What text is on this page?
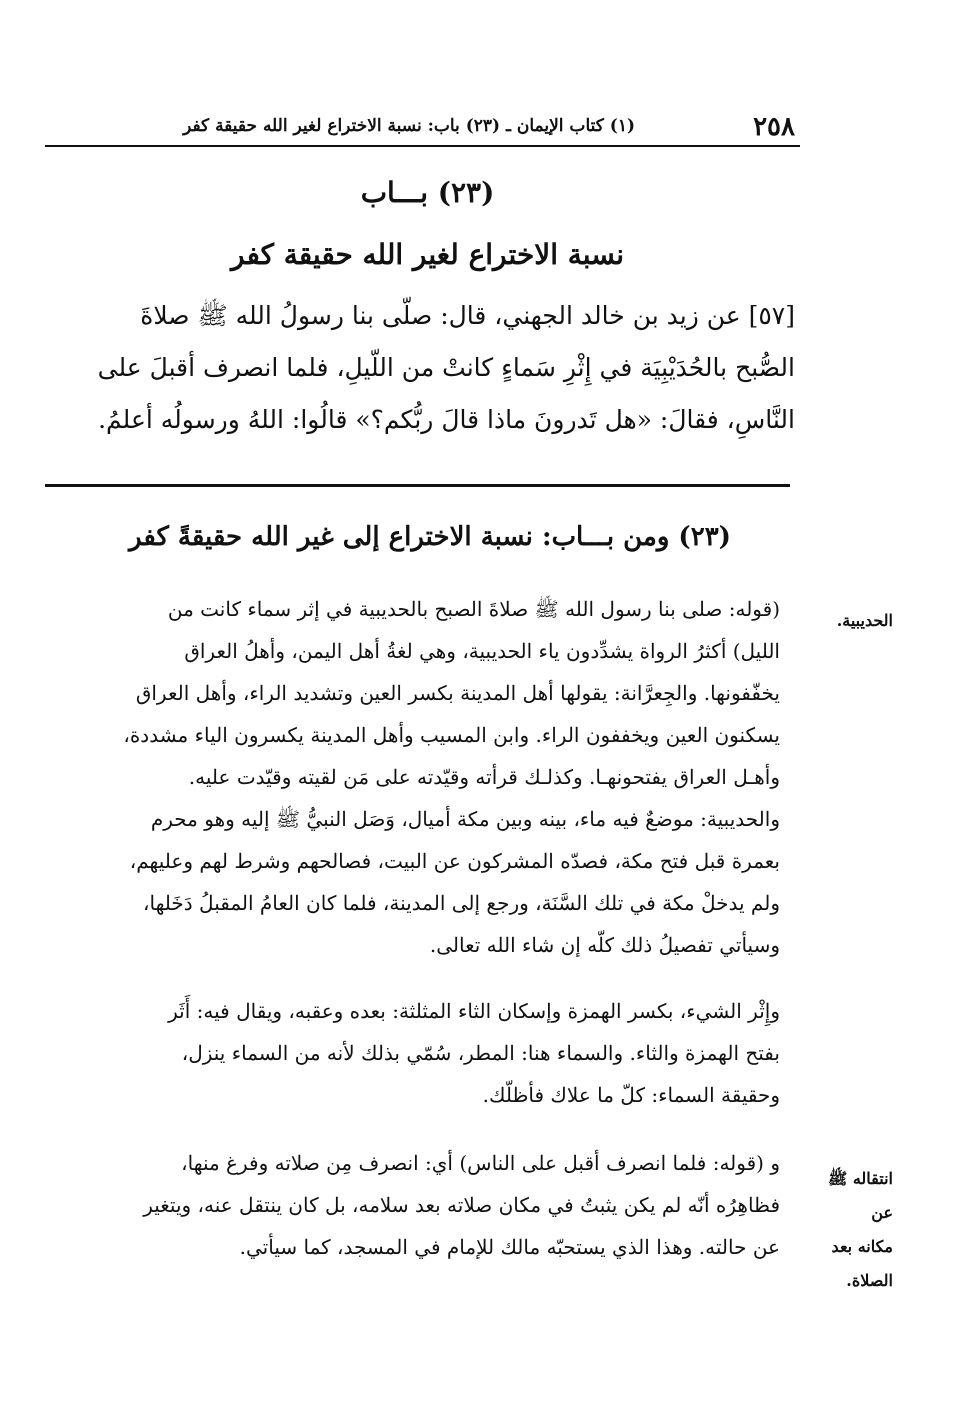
٢٥٨
(١) كتاب الإيمان ـ (٢٣) باب: نسبة الاختراع لغير الله حقيقة كفر
(٢٣) بـــاب
نسبة الاختراع لغير الله حقيقة كفر

[٥٧] عن زيد بن خالد الجهني، قال: صلّى بنا رسولُ الله ﷺ صلاةَ

الصُّبح بالحُدَيْبِيَة في إِثْرِ سَماءٍ كانتْ من اللّيلِ، فلما انصرف أقبلَ على

النَّاسِ، فقالَ: «هل تَدرونَ ماذا قالَ ربُّكم؟» قالُوا: اللهُ ورسولُه أعلمُ.

(٢٣) ومن بـــاب: نسبة الاختراع إلى غير الله حقيقةً كفر

(قوله: صلى بنا رسول الله ﷺ صلاةَ الصبح بالحديبية في إثر سماء كانت من

الليل) أكثرُ الرواة يشدِّدون ياء الحديبية، وهي لغةُ أهل اليمن، وأهلُ العراق

يخفّفونها. والجِعرَّانة: يقولها أهل المدينة بكسر العين وتشديد الراء، وأهل العراق

يسكنون العين ويخففون الراء. وابن المسيب وأهل المدينة يكسرون الياء مشددة،

وأهـل العراق يفتحونهـا. وكذلـك قرأته وقيّدته على مَن لقيته وقيّدت عليه.

والحديبية: موضعٌ فيه ماء، بينه وبين مكة أميال، وَصَل النبيُّ ﷺ إليه وهو محرم

بعمرة قبل فتح مكة، فصدّه المشركون عن البيت، فصالحهم وشرط لهم وعليهم،

ولم يدخلْ مكة في تلك السَّنَة، ورجع إلى المدينة، فلما كان العامُ المقبلُ دَخَلها،

وسيأتي تفصيلُ ذلك كلّه إن شاء الله تعالى.

وإِثْر الشيء، بكسر الهمزة وإسكان الثاء المثلثة: بعده وعقبه، ويقال فيه: أَثَر

بفتح الهمزة والثاء. والسماء هنا: المطر، سُمّي بذلك لأنه من السماء ينزل،

وحقيقة السماء: كلّ ما علاك فأظلّك.

و (قوله: فلما انصرف أقبل على الناس) أي: انصرف مِن صلاته وفرغ منها،

فظاهِرُه أنّه لم يكن يثبتُ في مكان صلاته بعد سلامه، بل كان ينتقل عنه، ويتغير

عن حالته. وهذا الذي يستحبّه مالك للإمام في المسجد، كما سيأتي.

الحديبية.
انتقاله ﷺ عن
مكانه بعد
الصلاة.
